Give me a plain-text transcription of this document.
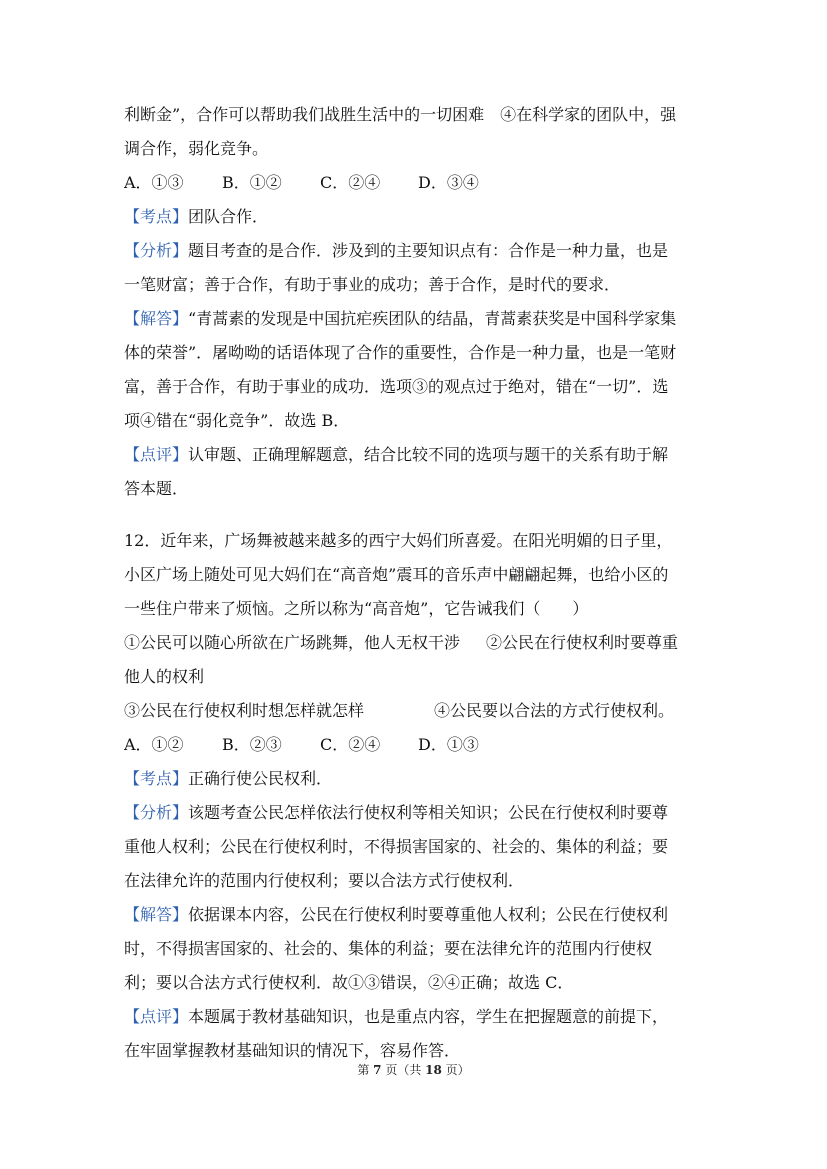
利断金”，合作可以帮助我们战胜生活中的一切困难　④在科学家的团队中，强
调合作，弱化竞争。
A．①③	B．①②	C．②④	D．③④
【考点】团队合作．
【分析】题目考查的是合作．涉及到的主要知识点有：合作是一种力量，也是
一笔财富；善于合作，有助于事业的成功；善于合作，是时代的要求．
【解答】“青蒿素的发现是中国抗疟疾团队的结晶，青蒿素获奖是中国科学家集
体的荣誉”．屠呦呦的话语体现了合作的重要性，合作是一种力量，也是一笔财
富，善于合作，有助于事业的成功．选项③的观点过于绝对，错在“一切”．选
项④错在“弱化竞争”．故选 B．
【点评】认审题、正确理解题意，结合比较不同的选项与题干的关系有助于解
答本题．
12．近年来，广场舞被越来越多的西宁大妈们所喜爱。在阳光明媚的日子里，
小区广场上随处可见大妈们在“高音炮”震耳的音乐声中翩翩起舞，也给小区的
一些住户带来了烦恼。之所以称为“高音炮”，它告诫我们（　　）
①公民可以随心所欲在广场跳舞，他人无权干涉	②公民在行使权利时要尊重
他人的权利
③公民在行使权利时想怎样就怎样	④公民要以合法的方式行使权利。
A．①②	B．②③	C．②④	D．①③
【考点】正确行使公民权利．
【分析】该题考查公民怎样依法行使权利等相关知识；公民在行使权利时要尊
重他人权利；公民在行使权利时，不得损害国家的、社会的、集体的利益；要
在法律允许的范围内行使权利；要以合法方式行使权利．
【解答】依据课本内容，公民在行使权利时要尊重他人权利；公民在行使权利
时，不得损害国家的、社会的、集体的利益；要在法律允许的范围内行使权
利；要以合法方式行使权利．故①③错误，②④正确；故选 C．
【点评】本题属于教材基础知识，也是重点内容，学生在把握题意的前提下，
在牢固掌握教材基础知识的情况下，容易作答．
第 7 页（共 18 页）
